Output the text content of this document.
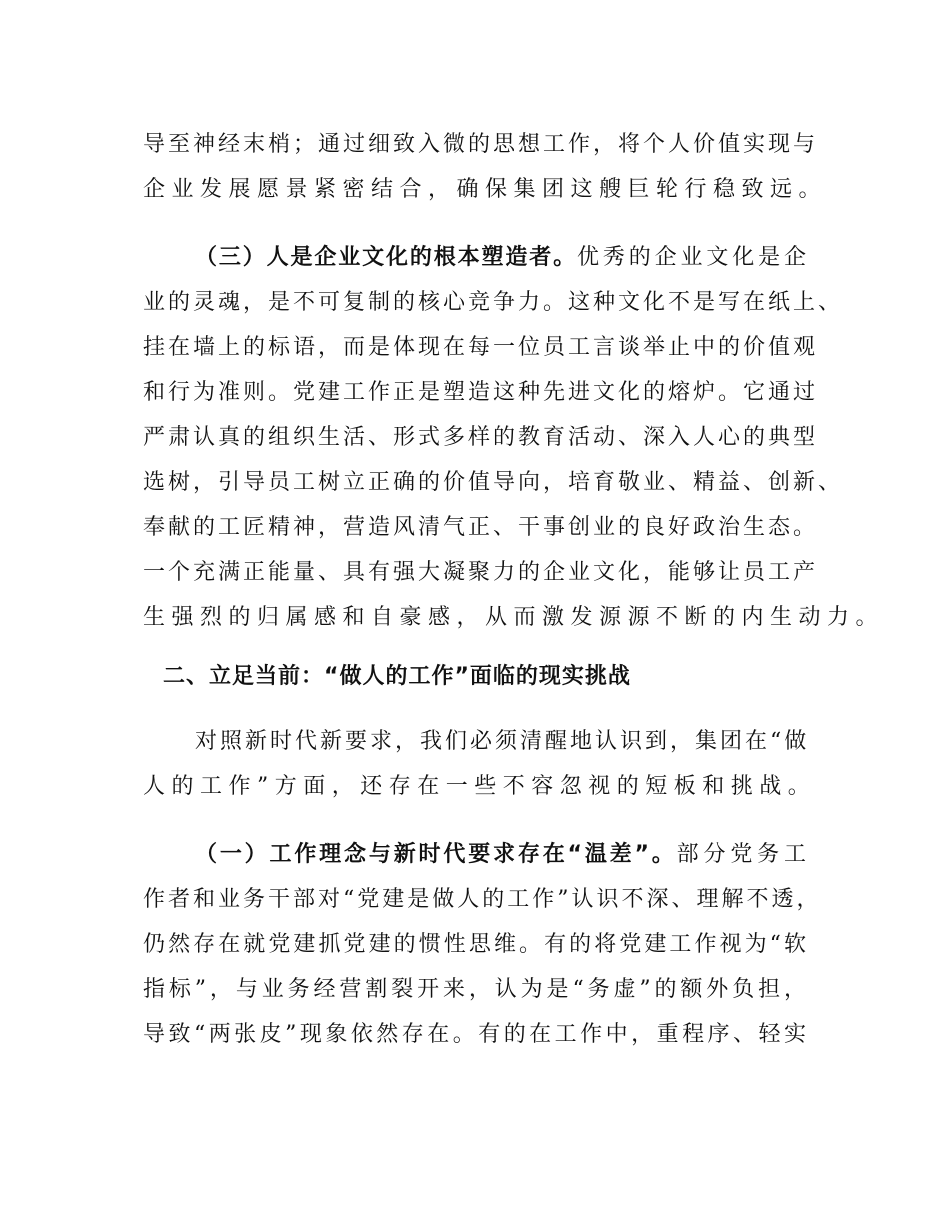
导至神经末梢；通过细致入微的思想工作，将个人价值实现与
企业发展愿景紧密结合，确保集团这艘巨轮行稳致远。
（三）人是企业文化的根本塑造者。优秀的企业文化是企
业的灵魂，是不可复制的核心竞争力。这种文化不是写在纸上、
挂在墙上的标语，而是体现在每一位员工言谈举止中的价值观
和行为准则。党建工作正是塑造这种先进文化的熔炉。它通过
严肃认真的组织生活、形式多样的教育活动、深入人心的典型
选树，引导员工树立正确的价值导向，培育敬业、精益、创新、
奉献的工匠精神，营造风清气正、干事创业的良好政治生态。
一个充满正能量、具有强大凝聚力的企业文化，能够让员工产
生强烈的归属感和自豪感，从而激发源源不断的内生动力。
二、立足当前：“做人的工作”面临的现实挑战
对照新时代新要求，我们必须清醒地认识到，集团在“做
人的工作”方面，还存在一些不容忽视的短板和挑战。
（一）工作理念与新时代要求存在“温差”。部分党务工
作者和业务干部对“党建是做人的工作”认识不深、理解不透，
仍然存在就党建抓党建的惯性思维。有的将党建工作视为“软
指标”，与业务经营割裂开来，认为是“务虚”的额外负担，
导致“两张皮”现象依然存在。有的在工作中，重程序、轻实
